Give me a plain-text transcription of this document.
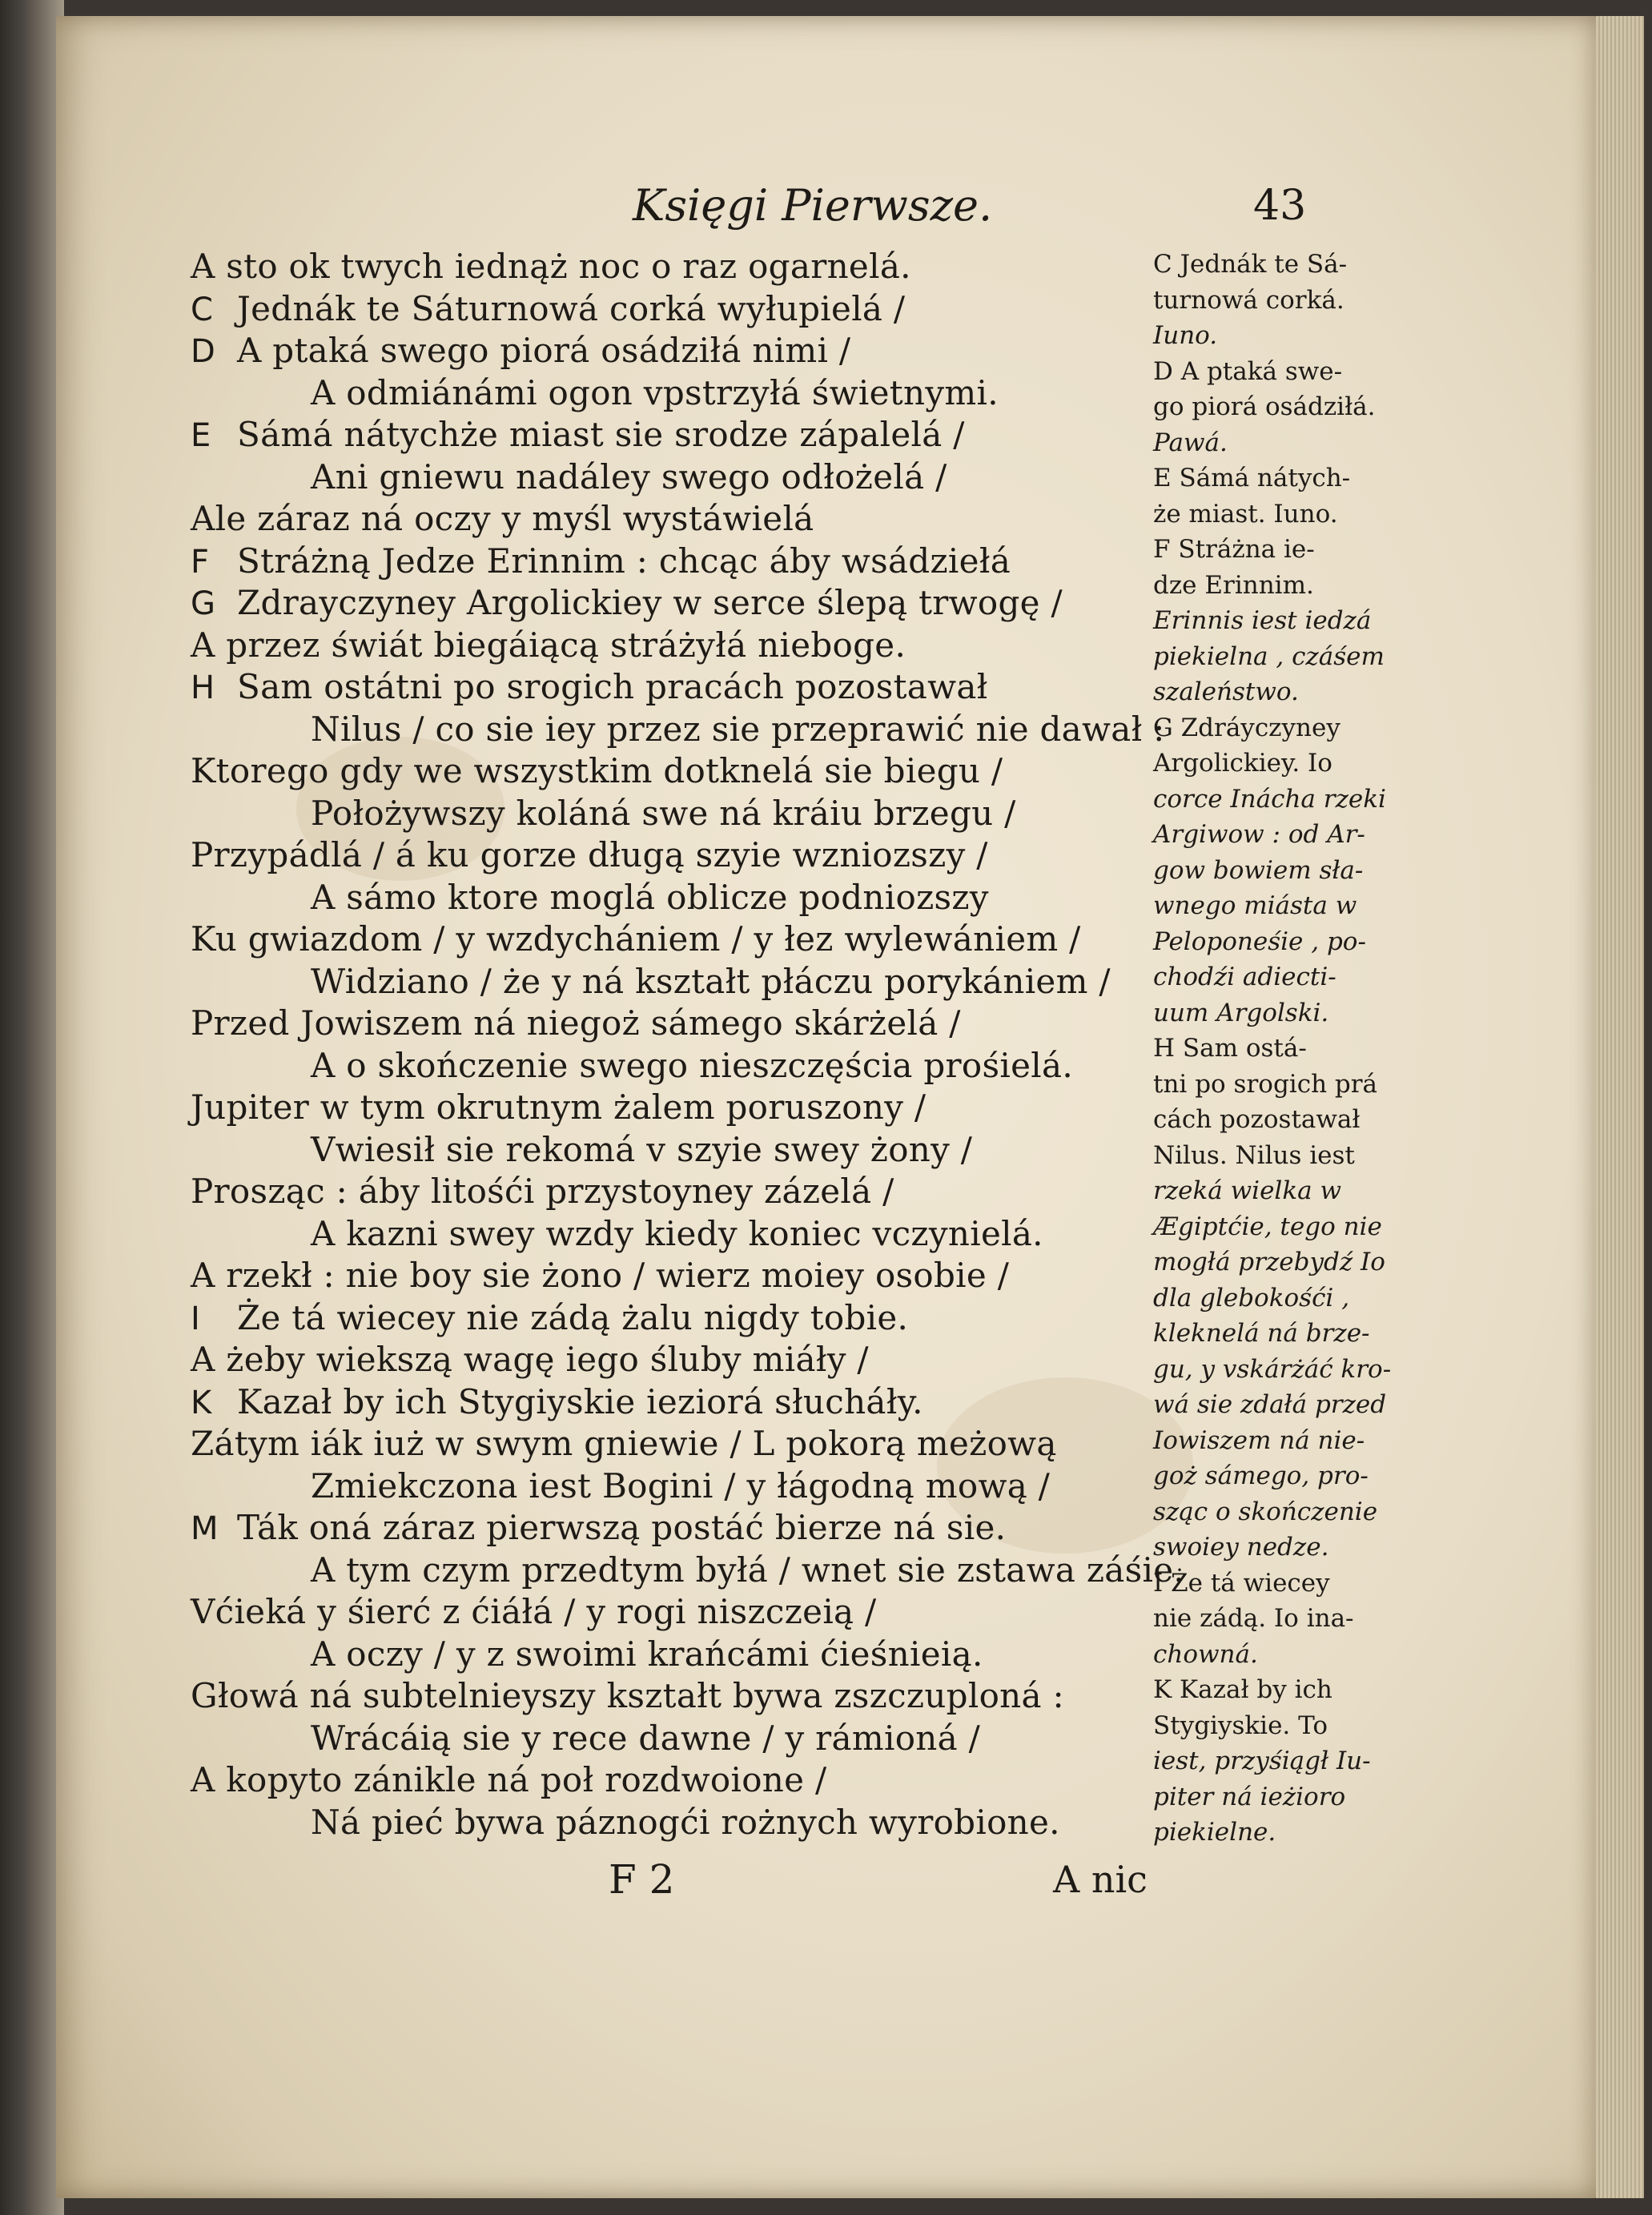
Księgi Pierwsze.	43
A sto ok twych iednąż noc o raz ogarnelá.
C Jednák te Sáturnowá corká wyłupielá /
D A ptaká swego piorá osádziłá nimi /
A odmiánámi ogon vpstrzyłá świetnymi.
E Sámá nátychże miast sie srodze zápalelá /
Ani gniewu nadáley swego odłożelá /
Ale záraz ná oczy y myśl wystáwielá
F Stráżną Jedze Erinnim : chcąc áby wsádziełá
G Zdrayczyney Argolickiey w serce ślepą trwogę /
A przez świát biegáiącą stráżyłá nieboge.
H Sam ostátni po srogich pracách pozostawał
Nilus / co sie iey przez sie przeprawić nie dawał :
Ktorego gdy we wszystkim dotknelá sie biegu /
Położywszy koláná swe ná kráiu brzegu /
Przypádlá / á ku gorze długą szyie wzniozszy /
A sámo ktore moglá oblicze podniozszy
Ku gwiazdom / y wzdychániem / y łez wylewániem /
Widziano / że y ná kształt płáczu porykániem /
Przed Jowiszem ná niegoż sámego skárżelá /
A o skończenie swego nieszczęścia prośielá.
Jupiter w tym okrutnym żalem poruszony /
Vwiesił sie rekomá v szyie swey żony /
Prosząc : áby litośći przystoyney zázelá /
A kazni swey wzdy kiedy koniec vczynielá.
A rzekł : nie boy sie żono / wierz moiey osobie /
I Że tá wiecey nie zádą żalu nigdy tobie.
A żeby wiekszą wagę iego śluby miáły /
K Kazał by ich Stygiyskie ieziorá słucháły.
Zátym iák iuż w swym gniewie / L pokorą meżową
Zmiekczona iest Bogini / y łágodną mową /
M Ták oná záraz pierwszą postáć bierze ná sie.
A tym czym przedtym byłá / wnet sie zstawa záśie.
Vćieká y śierć z ćiáłá / y rogi niszczeią /
A oczy / y z swoimi krańcámi ćieśnieią.
Głowá ná subtelnieyszy kształt bywa zszczuploná :
Wrácáią sie y rece dawne / y rámioná /
A kopyto zánikle ná poł rozdwoione /
Ná pieć bywa páznogći rożnych wyrobione.
C Jednák te Sá-
turnowá corká.
Iuno.
D A ptaká swe-
go piorá osádziłá.
Pawá.
E Sámá nátych-
że miast. Iuno.
F Stráżna ie-
dze Erinnim.
Erinnis iest iedzá
piekielna , czáśem
szaleństwo.
G Zdráyczyney
Argolickiey. Io
corce Inácha rzeki
Argiwow : od Ar-
gow bowiem sła-
wnego miásta w
Peloponeśie , po-
chodźi adiecti-
uum Argolski.
H Sam ostá-
tni po srogich prá
cách pozostawał
Nilus. Nilus iest
rzeká wielka w
Ægiptćie, tego nie
mogłá przebydź Io
dla glebokośći ,
kleknelá ná brze-
gu, y vskárżáć kro-
wá sie zdałá przed
Iowiszem ná nie-
goż sámego, pro-
sząc o skończenie
swoiey nedze.
I Że tá wiecey
nie zádą. Io ina-
chowná.
K Kazał by ich
Stygiyskie. To
iest, przyśiągł Iu-
piter ná ieżioro
piekielne.
F 2	A nic
